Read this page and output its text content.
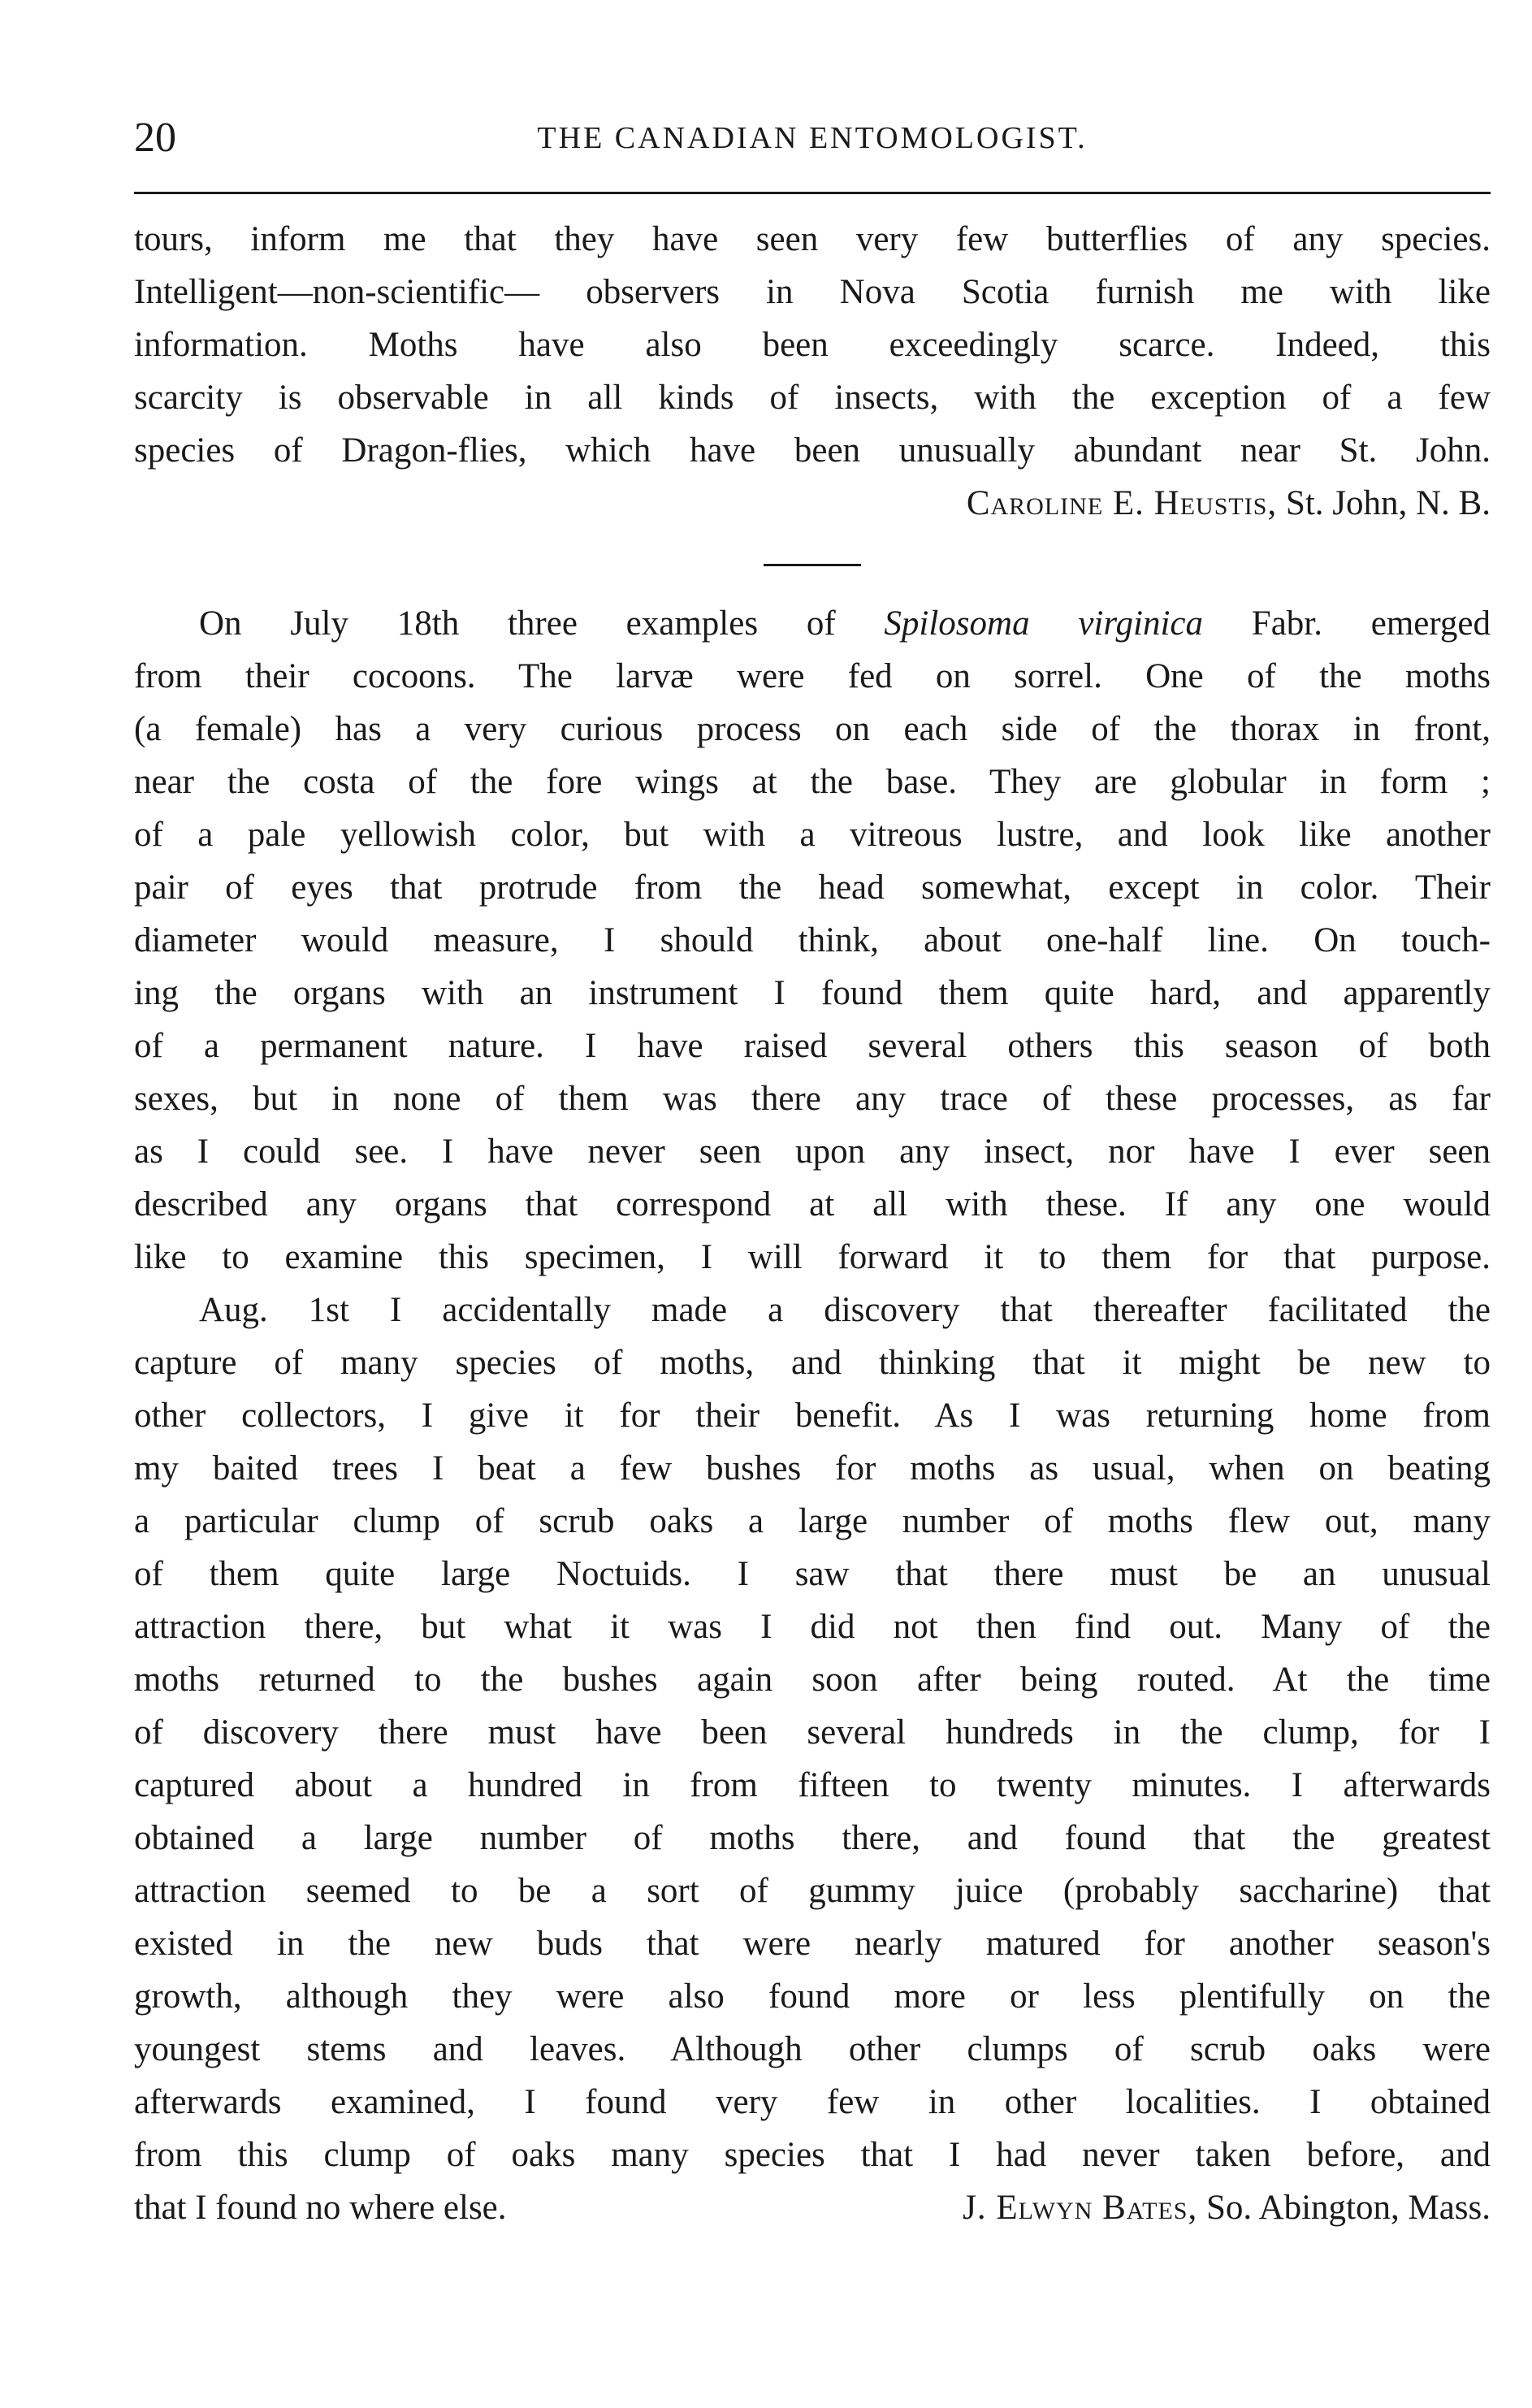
20	THE CANADIAN ENTOMOLOGIST.
tours, inform me that they have seen very few butterflies of any species.
Intelligent—non-scientific— observers in Nova Scotia furnish me with like
information. Moths have also been exceedingly scarce. Indeed, this
scarcity is observable in all kinds of insects, with the exception of a few
species of Dragon-flies, which have been unusually abundant near St. John.
Caroline E. Heustis, St. John, N. B.
On July 18th three examples of Spilosoma virginica Fabr. emerged
from their cocoons. The larvæ were fed on sorrel. One of the moths
(a female) has a very curious process on each side of the thorax in front,
near the costa of the fore wings at the base. They are globular in form ;
of a pale yellowish color, but with a vitreous lustre, and look like another
pair of eyes that protrude from the head somewhat, except in color. Their
diameter would measure, I should think, about one-half line. On touch-
ing the organs with an instrument I found them quite hard, and apparently
of a permanent nature. I have raised several others this season of both
sexes, but in none of them was there any trace of these processes, as far
as I could see. I have never seen upon any insect, nor have I ever seen
described any organs that correspond at all with these. If any one would
like to examine this specimen, I will forward it to them for that purpose.
Aug. 1st I accidentally made a discovery that thereafter facilitated the
capture of many species of moths, and thinking that it might be new to
other collectors, I give it for their benefit. As I was returning home from
my baited trees I beat a few bushes for moths as usual, when on beating
a particular clump of scrub oaks a large number of moths flew out, many
of them quite large Noctuids. I saw that there must be an unusual
attraction there, but what it was I did not then find out. Many of the
moths returned to the bushes again soon after being routed. At the time
of discovery there must have been several hundreds in the clump, for I
captured about a hundred in from fifteen to twenty minutes. I afterwards
obtained a large number of moths there, and found that the greatest
attraction seemed to be a sort of gummy juice (probably saccharine) that
existed in the new buds that were nearly matured for another season's
growth, although they were also found more or less plentifully on the
youngest stems and leaves. Although other clumps of scrub oaks were
afterwards examined, I found very few in other localities. I obtained
from this clump of oaks many species that I had never taken before, and
that I found no where else.	J. Elwyn Bates, So. Abington, Mass.
